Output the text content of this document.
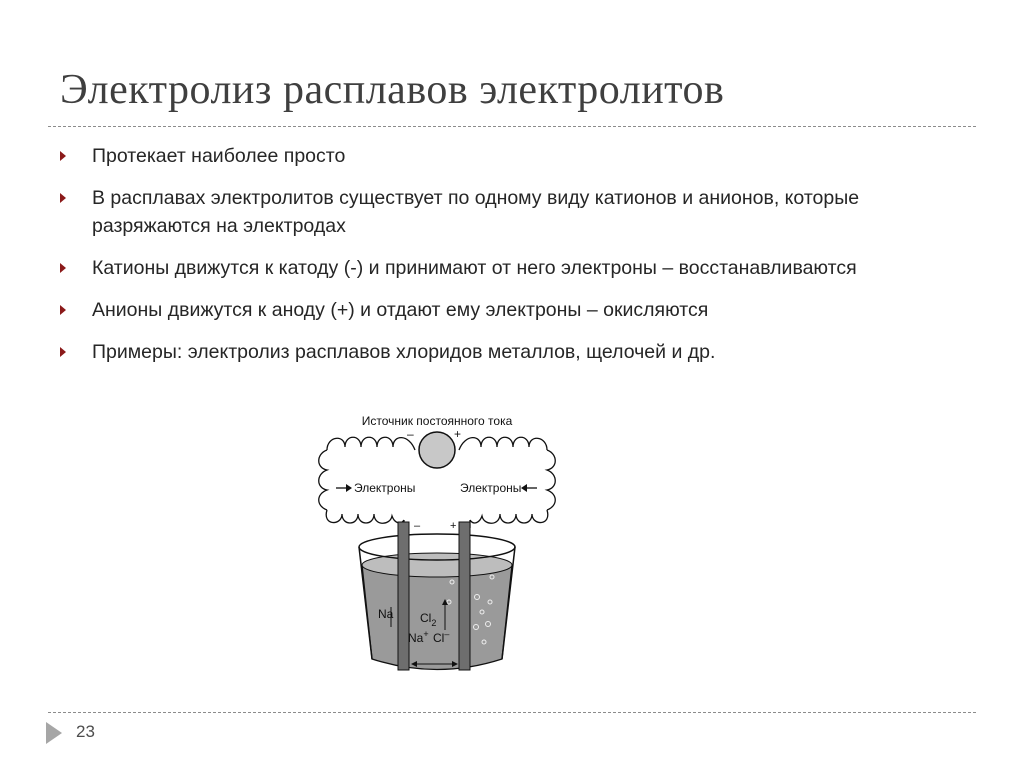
Электролиз расплавов электролитов
Протекает наиболее просто
В расплавах электролитов существует по одному виду катионов и анионов, которые разряжаются на электродах
Катионы движутся к катоду (-) и принимают от него электроны – восстанавливаются
Анионы движутся к аноду (+) и отдают ему электроны – окисляются
Примеры: электролиз расплавов хлоридов металлов, щелочей и др.
Источник постоянного тока
–	+
Электроны	Электроны
–	+
Na $Cl_2$
Na+ Cl–
23
